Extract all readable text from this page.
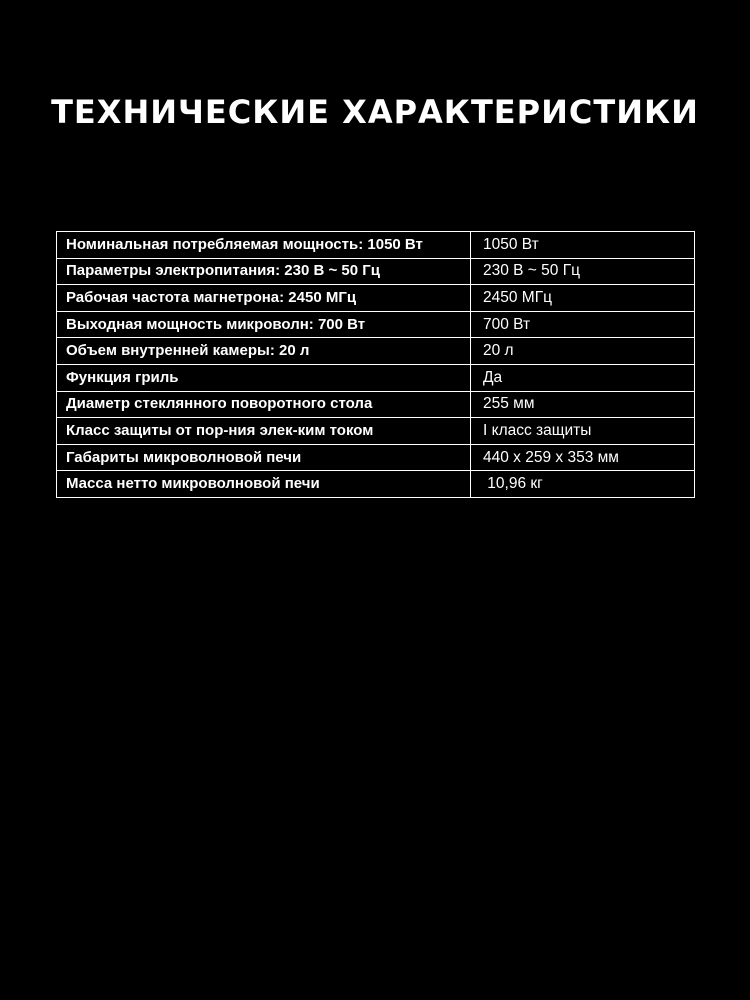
ТЕХНИЧЕСКИЕ ХАРАКТЕРИСТИКИ
Номинальная потребляемая мощность: 1050 Вт	1050 Вт
Параметры электропитания: 230 В ~ 50 Гц	230 В ~ 50 Гц
Рабочая частота магнетрона: 2450 МГц	2450 МГц
Выходная мощность микроволн: 700 Вт	700 Вт
Объем внутренней камеры: 20 л	20 л
Функция гриль	Да
Диаметр стеклянного поворотного стола	255 мм
Класс защиты от пор-ния элек-ким током	I класс защиты
Габариты микроволновой печи	440 х 259 х 353 мм
Масса нетто микроволновой печи	10,96 кг
